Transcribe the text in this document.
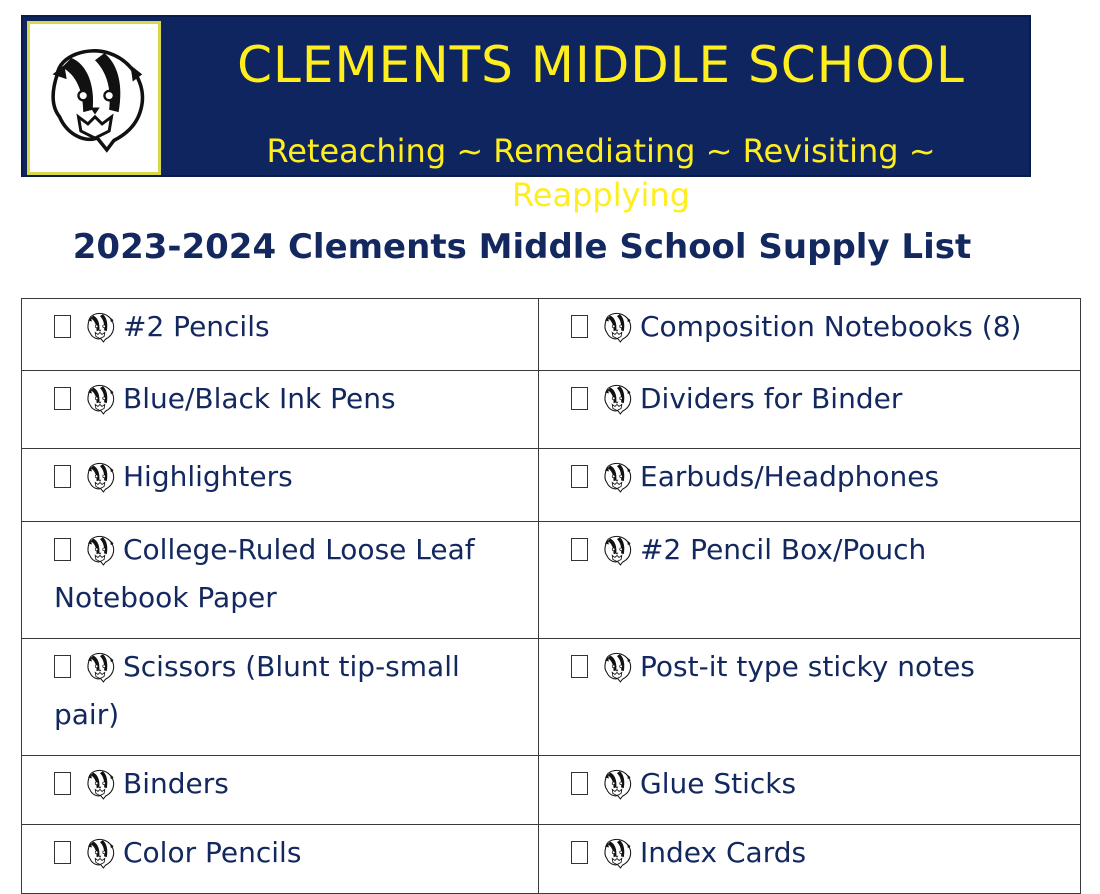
CLEMENTS MIDDLE SCHOOL
Reteaching ~ Remediating ~ Revisiting ~ Reapplying
2023-2024 Clements Middle School Supply List
#2 Pencils	Composition Notebooks (8)

Blue/Black Ink Pens	Dividers for Binder

Highlighters	Earbuds/Headphones

College-Ruled Loose Leaf Notebook Paper	#2 Pencil Box/Pouch

Scissors (Blunt tip-small pair)	Post-it type sticky notes

Binders	Glue Sticks

Color Pencils	Index Cards
